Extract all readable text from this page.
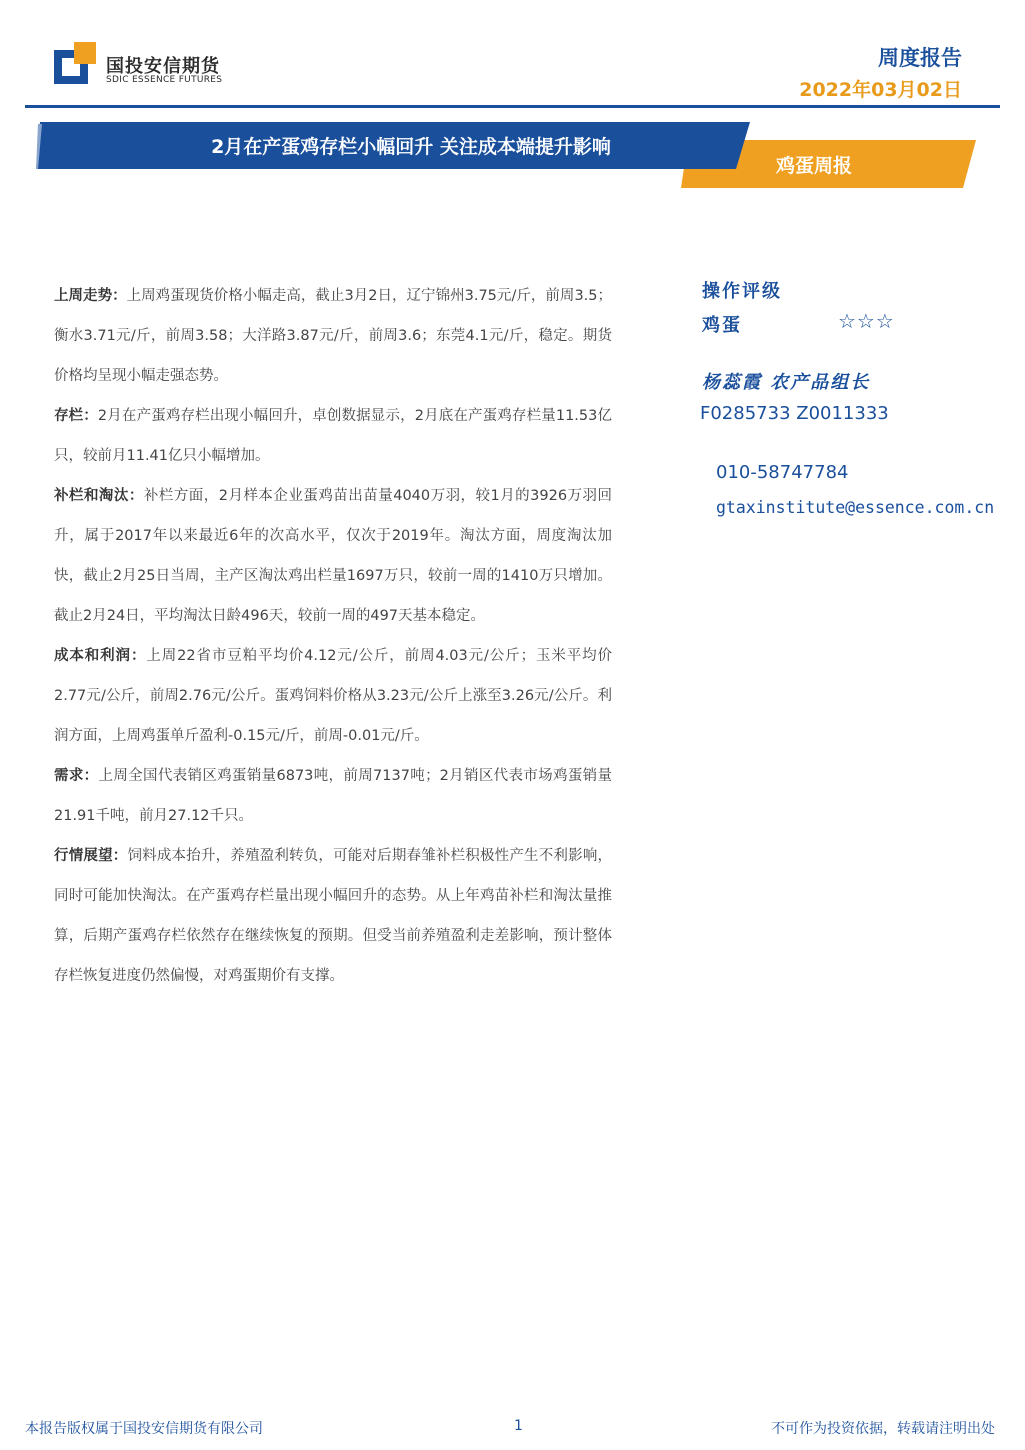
国投安信期货
SDIC ESSENCE FUTURES
周度报告
2022年03月02日
2月在产蛋鸡存栏小幅回升 关注成本端提升影响
鸡蛋周报

上周走势：上周鸡蛋现货价格小幅走高，截止3月2日，辽宁锦州3.75元/斤，前周3.5；衡水3.71元/斤，前周3.58；大洋路3.87元/斤，前周3.6；东莞4.1元/斤，稳定。期货价格均呈现小幅走强态势。

存栏：2月在产蛋鸡存栏出现小幅回升，卓创数据显示，2月底在产蛋鸡存栏量11.53亿只，较前月11.41亿只小幅增加。

补栏和淘汰：补栏方面，2月样本企业蛋鸡苗出苗量4040万羽，较1月的3926万羽回升，属于2017年以来最近6年的次高水平，仅次于2019年。淘汰方面，周度淘汰加快，截止2月25日当周，主产区淘汰鸡出栏量1697万只，较前一周的1410万只增加。截止2月24日，平均淘汰日龄496天，较前一周的497天基本稳定。

成本和利润：上周22省市豆粕平均价4.12元/公斤，前周4.03元/公斤；玉米平均价2.77元/公斤，前周2.76元/公斤。蛋鸡饲料价格从3.23元/公斤上涨至3.26元/公斤。利润方面，上周鸡蛋单斤盈利-0.15元/斤，前周-0.01元/斤。

需求：上周全国代表销区鸡蛋销量6873吨，前周7137吨；2月销区代表市场鸡蛋销量21.91千吨，前月27.12千只。

行情展望：饲料成本抬升，养殖盈利转负，可能对后期春雏补栏积极性产生不利影响，同时可能加快淘汰。在产蛋鸡存栏量出现小幅回升的态势。从上年鸡苗补栏和淘汰量推算，后期产蛋鸡存栏依然存在继续恢复的预期。但受当前养殖盈利走差影响，预计整体存栏恢复进度仍然偏慢，对鸡蛋期价有支撑。

操作评级
鸡蛋	☆☆☆
杨蕊霞 农产品组长
F0285733 Z0011333
010-58747784
gtaxinstitute@essence.com.cn
本报告版权属于国投安信期货有限公司	1	不可作为投资依据，转载请注明出处
